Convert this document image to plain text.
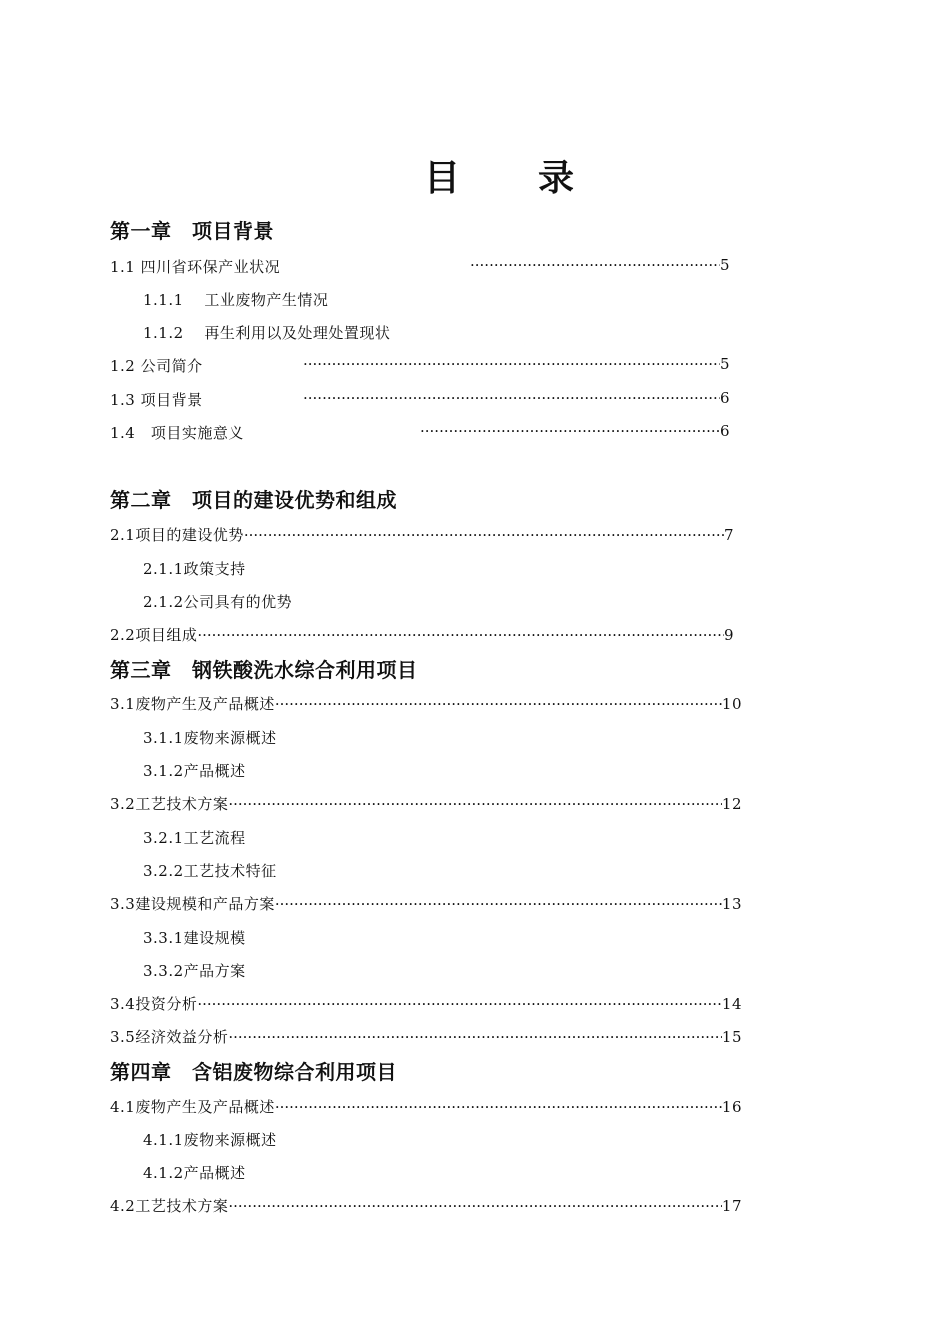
目　　录
第一章　项目背景
1.1 四川省环保产业状况 ·····	5
1.1.1　 工业废物产生情况
1.1.2　 再生利用以及处理处置现状
1.2 公司简介 ·····	5
1.3 项目背景 ·····	6
1.4　项目实施意义 ·····	6
第二章　项目的建设优势和组成
2.1项目的建设优势 ·····	7
2.1.1政策支持
2.1.2公司具有的优势
2.2项目组成 ·····	9
第三章　钢铁酸洗水综合利用项目
3.1废物产生及产品概述 ·····	10
3.1.1废物来源概述
3.1.2产品概述
3.2工艺技术方案 ·····	12
3.2.1工艺流程
3.2.2工艺技术特征
3.3建设规模和产品方案 ·····	13
3.3.1建设规模
3.3.2产品方案
3.4投资分析 ·····	14
3.5经济效益分析 ·····	15
第四章　含铝废物综合利用项目
4.1废物产生及产品概述 ·····	16
4.1.1废物来源概述
4.1.2产品概述
4.2工艺技术方案 ·····	17
